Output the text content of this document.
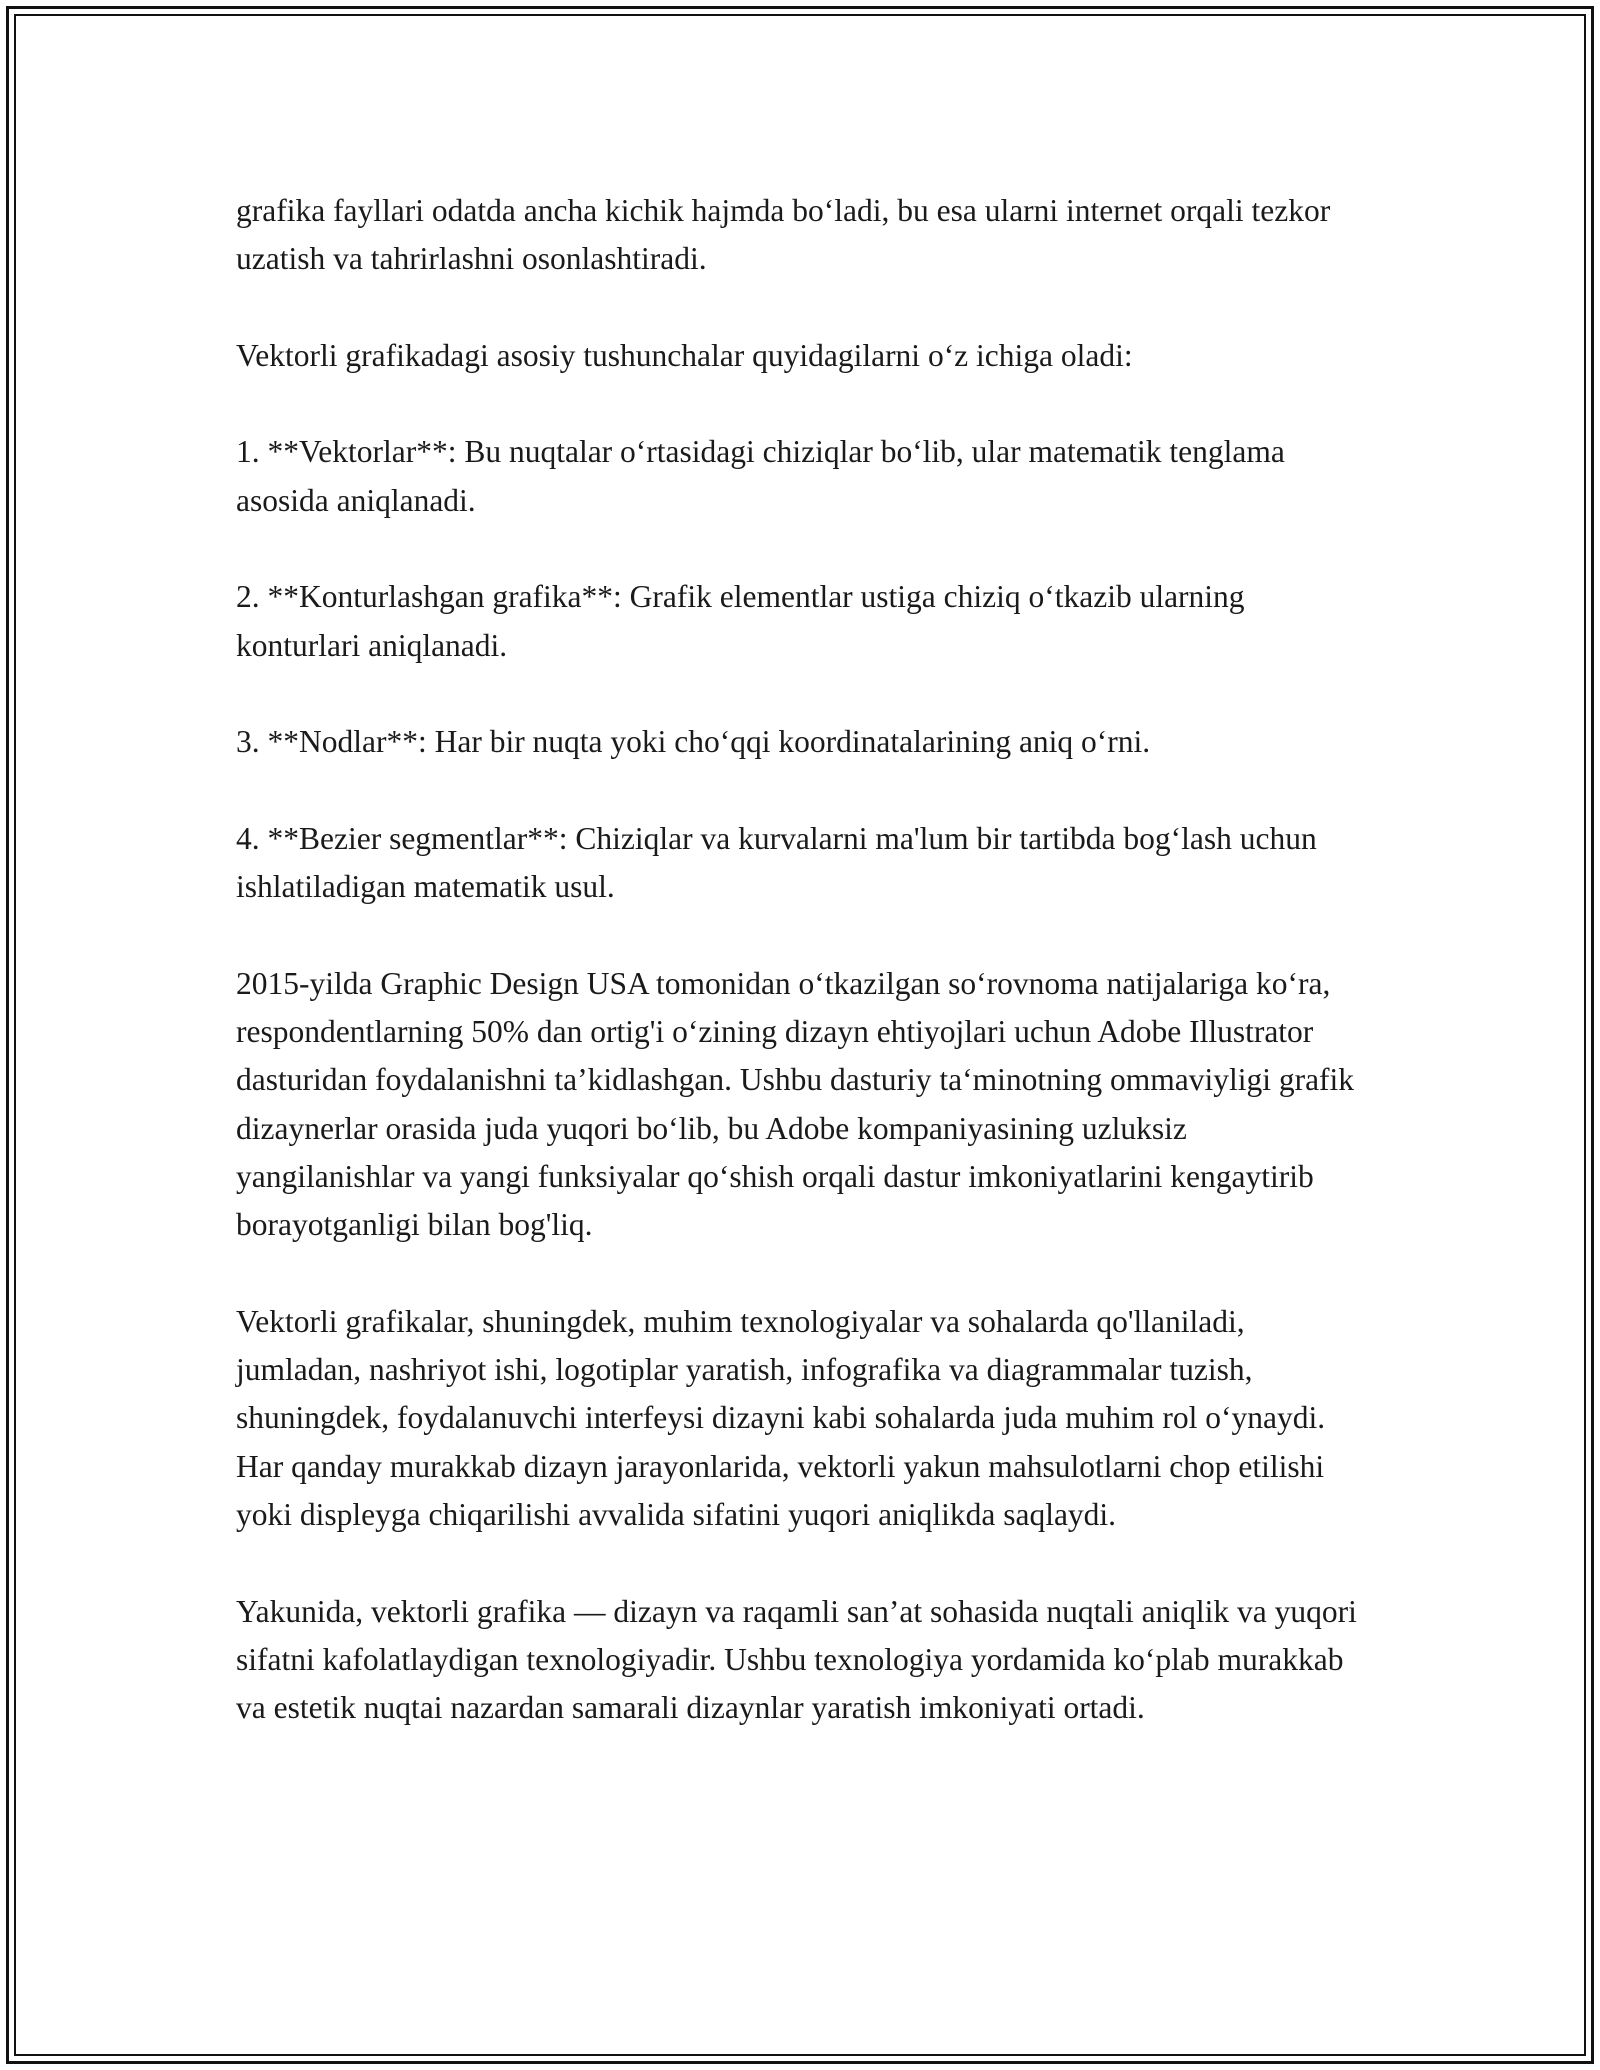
grafika fayllari odatda ancha kichik hajmda bo‘ladi, bu esa ularni internet orqali tezkor uzatish va tahrirlashni osonlashtiradi.

Vektorli grafikadagi asosiy tushunchalar quyidagilarni o‘z ichiga oladi:

1. **Vektorlar**: Bu nuqtalar o‘rtasidagi chiziqlar bo‘lib, ular matematik tenglama asosida aniqlanadi.

2. **Konturlashgan grafika**: Grafik elementlar ustiga chiziq o‘tkazib ularning konturlari aniqlanadi.

3. **Nodlar**: Har bir nuqta yoki cho‘qqi koordinatalarining aniq o‘rni.

4. **Bezier segmentlar**: Chiziqlar va kurvalarni ma'lum bir tartibda bog‘lash uchun ishlatiladigan matematik usul.

2015-yilda Graphic Design USA tomonidan o‘tkazilgan so‘rovnoma natijalariga ko‘ra, respondentlarning 50% dan ortig'i o‘zining dizayn ehtiyojlari uchun Adobe Illustrator dasturidan foydalanishni ta’kidlashgan. Ushbu dasturiy ta‘minotning ommaviyligi grafik dizaynerlar orasida juda yuqori bo‘lib, bu Adobe kompaniyasining uzluksiz yangilanishlar va yangi funksiyalar qo‘shish orqali dastur imkoniyatlarini kengaytirib borayotganligi bilan bog'liq.

Vektorli grafikalar, shuningdek, muhim texnologiyalar va sohalarda qo'llaniladi, jumladan, nashriyot ishi, logotiplar yaratish, infografika va diagrammalar tuzish, shuningdek, foydalanuvchi interfeysi dizayni kabi sohalarda juda muhim rol o‘ynaydi. Har qanday murakkab dizayn jarayonlarida, vektorli yakun mahsulotlarni chop etilishi yoki displeyga chiqarilishi avvalida sifatini yuqori aniqlikda saqlaydi.

Yakunida, vektorli grafika — dizayn va raqamli san’at sohasida nuqtali aniqlik va yuqori sifatni kafolatlaydigan texnologiyadir. Ushbu texnologiya yordamida ko‘plab murakkab va estetik nuqtai nazardan samarali dizaynlar yaratish imkoniyati ortadi.
